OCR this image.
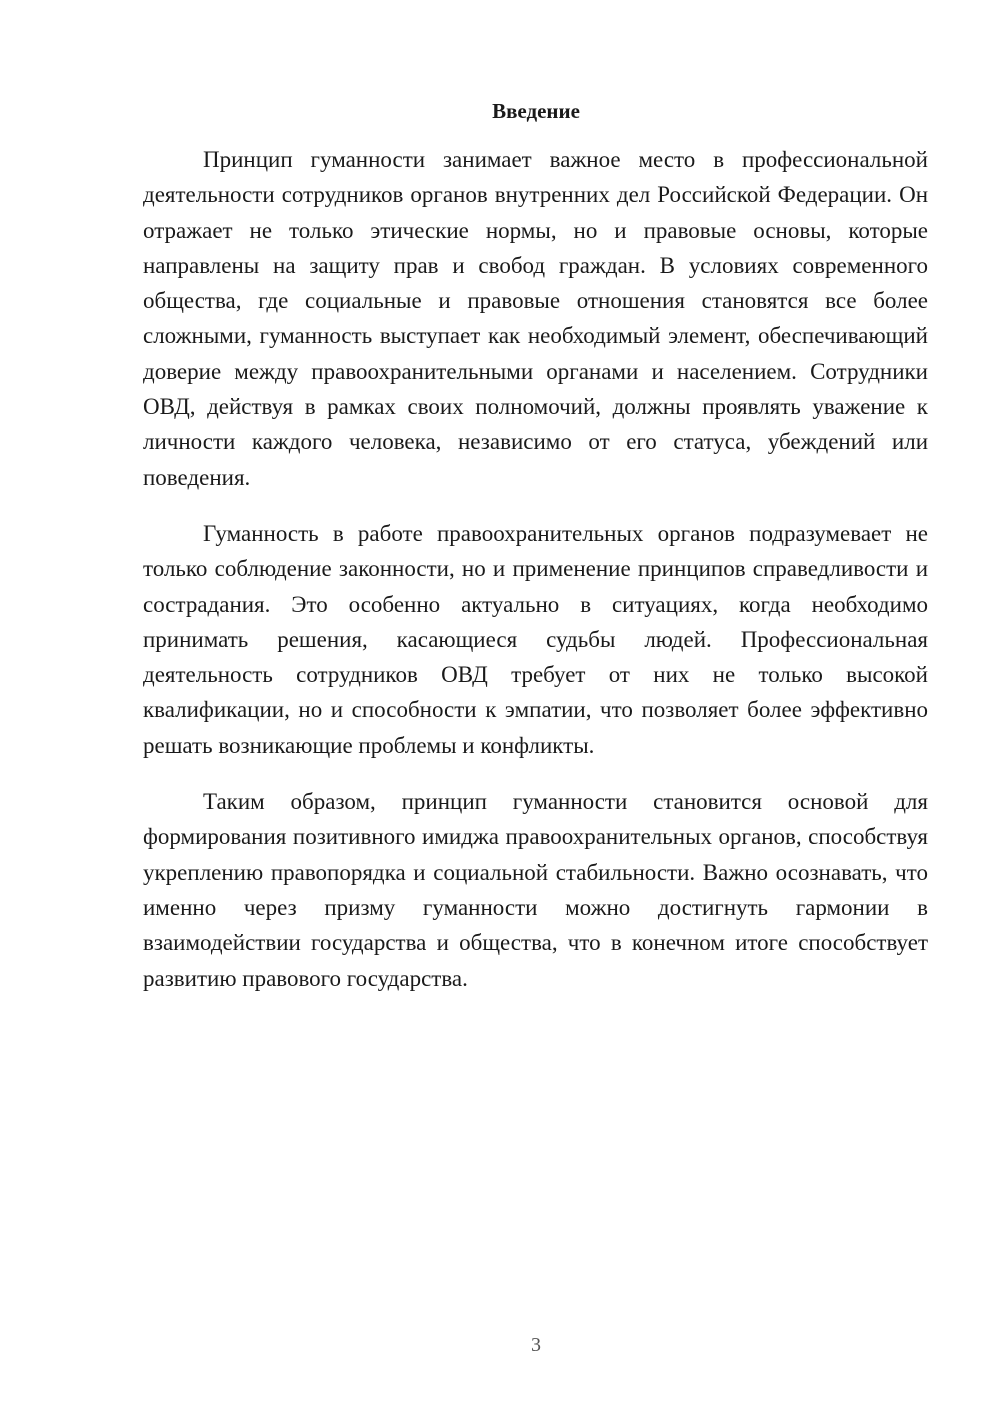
Введение

Принцип гуманности занимает важное место в профессиональной деятельности сотрудников органов внутренних дел Российской Федерации. Он отражает не только этические нормы, но и правовые основы, которые направлены на защиту прав и свобод граждан. В условиях современного общества, где социальные и правовые отношения становятся все более сложными, гуманность выступает как необходимый элемент, обеспечивающий доверие между правоохранительными органами и населением. Сотрудники ОВД, действуя в рамках своих полномочий, должны проявлять уважение к личности каждого человека, независимо от его статуса, убеждений или поведения.

Гуманность в работе правоохранительных органов подразумевает не только соблюдение законности, но и применение принципов справедливости и сострадания. Это особенно актуально в ситуациях, когда необходимо принимать решения, касающиеся судьбы людей. Профессиональная деятельность сотрудников ОВД требует от них не только высокой квалификации, но и способности к эмпатии, что позволяет более эффективно решать возникающие проблемы и конфликты.

Таким образом, принцип гуманности становится основой для формирования позитивного имиджа правоохранительных органов, способствуя укреплению правопорядка и социальной стабильности. Важно осознавать, что именно через призму гуманности можно достигнуть гармонии в взаимодействии государства и общества, что в конечном итоге способствует развитию правового государства.

3
